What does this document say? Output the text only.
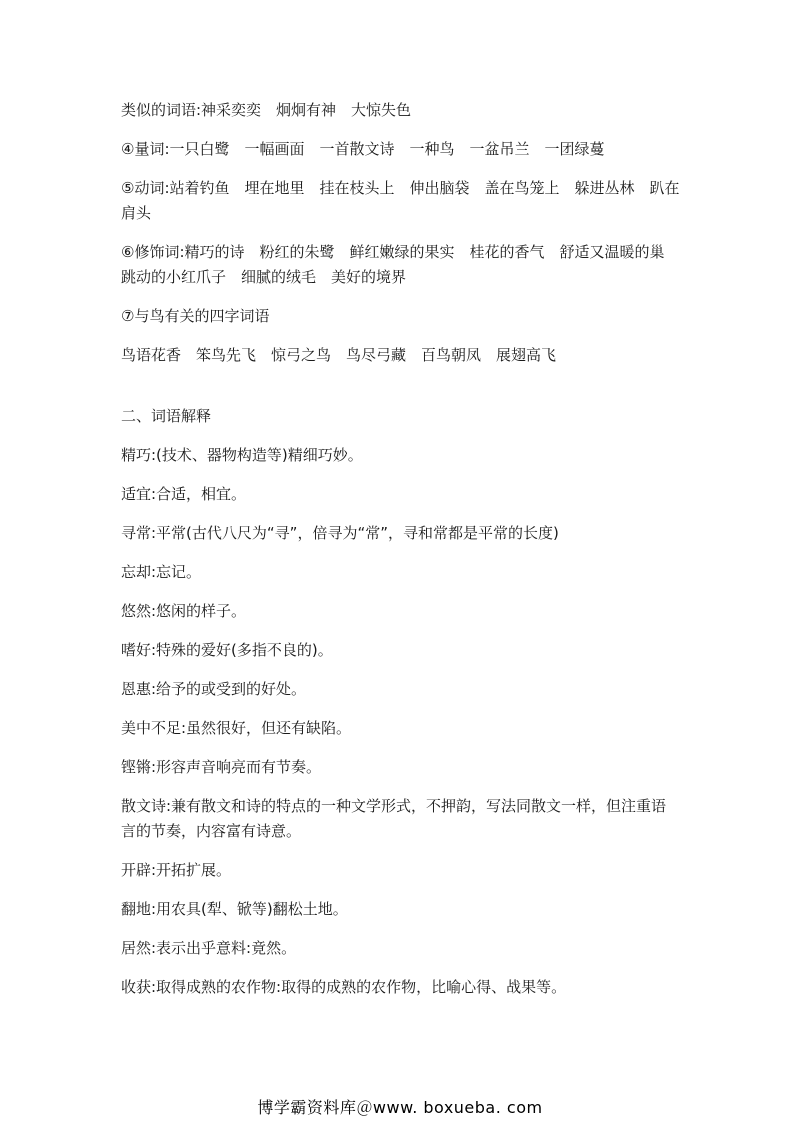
类似的词语:神采奕奕　炯炯有神　大惊失色

④量词:一只白鹭　一幅画面　一首散文诗　一种鸟　一盆吊兰　一团绿蔓

⑤动词:站着钓鱼　埋在地里　挂在枝头上　伸出脑袋　盖在鸟笼上　躲进丛林　趴在肩头

⑥修饰词:精巧的诗　粉红的朱鹭　鲜红嫩绿的果实　桂花的香气　舒适又温暖的巢　跳动的小红爪子　细腻的绒毛　美好的境界

⑦与鸟有关的四字词语

鸟语花香　笨鸟先飞　惊弓之鸟　鸟尽弓藏　百鸟朝凤　展翅高飞

二、词语解释

精巧:(技术、器物构造等)精细巧妙。

适宜:合适，相宜。

寻常:平常(古代八尺为“寻”，倍寻为“常”，寻和常都是平常的长度)

忘却:忘记。

悠然:悠闲的样子。

嗜好:特殊的爱好(多指不良的)。

恩惠:给予的或受到的好处。

美中不足:虽然很好，但还有缺陷。

铿锵:形容声音响亮而有节奏。

散文诗:兼有散文和诗的特点的一种文学形式，不押韵，写法同散文一样，但注重语言的节奏，内容富有诗意。

开辟:开拓扩展。

翻地:用农具(犁、锨等)翻松土地。

居然:表示出乎意料:竟然。

收获:取得成熟的农作物:取得的成熟的农作物，比喻心得、战果等。

博学霸资料库＠www. boxueba. com
